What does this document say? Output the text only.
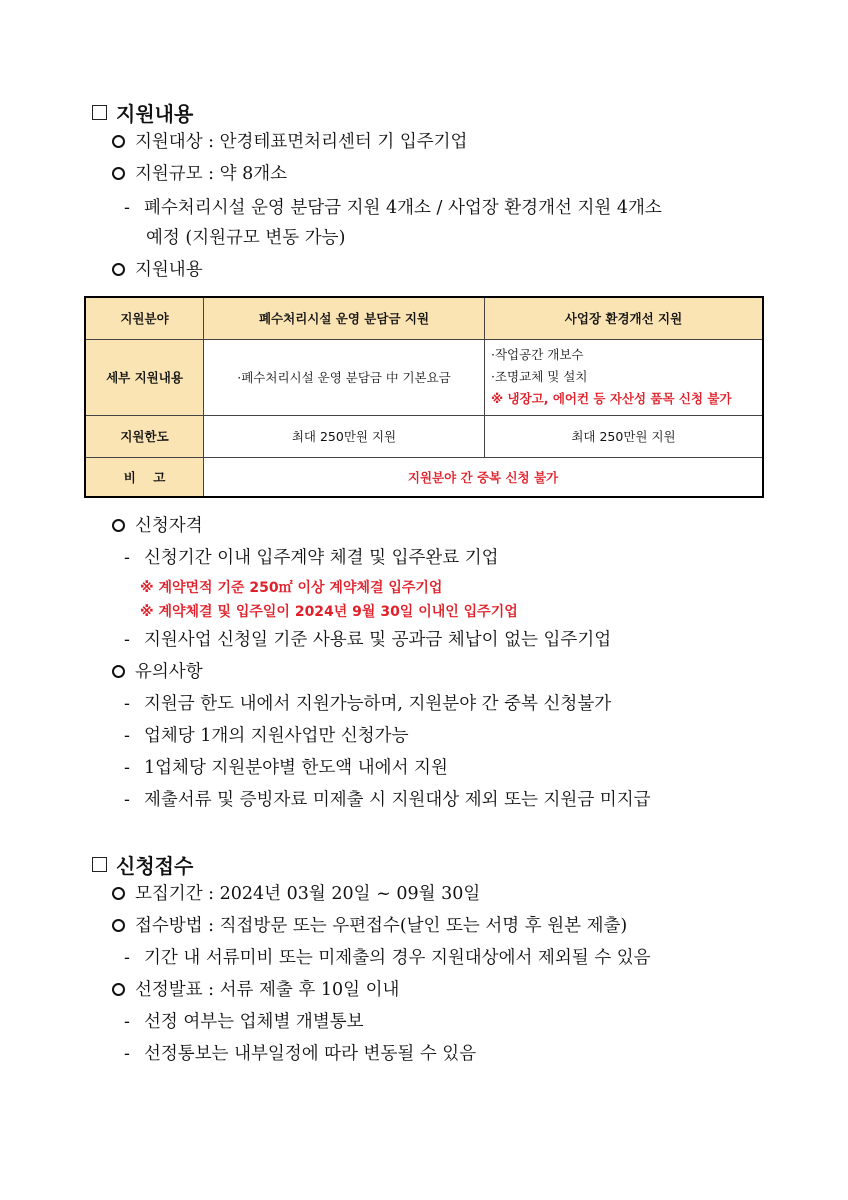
지원내용
지원대상 : 안경테표면처리센터 기 입주기업
지원규모 : 약 8개소
- 폐수처리시설 운영 분담금 지원 4개소 / 사업장 환경개선 지원 4개소
예정 (지원규모 변동 가능)
지원내용
지원분야	폐수처리시설 운영 분담금 지원	사업장 환경개선 지원
세부 지원내용	·폐수처리시설 운영 분담금 中 기본요금	·작업공간 개보수
·조명교체 및 설치
※ 냉장고, 에어컨 등 자산성 품목 신청 불가

지원한도	최대 250만원 지원	최대 250만원 지원
비    고	지원분야 간 중복 신청 불가	
신청자격
- 신청기간 이내 입주계약 체결 및 입주완료 기업
※ 계약면적 기준 250㎡ 이상 계약체결 입주기업
※ 계약체결 및 입주일이 2024년 9월 30일 이내인 입주기업
- 지원사업 신청일 기준 사용료 및 공과금 체납이 없는 입주기업
유의사항
- 지원금 한도 내에서 지원가능하며, 지원분야 간 중복 신청불가
- 업체당 1개의 지원사업만 신청가능
- 1업체당 지원분야별 한도액 내에서 지원
- 제출서류 및 증빙자료 미제출 시 지원대상 제외 또는 지원금 미지급
신청접수
모집기간 : 2024년 03월 20일 ~ 09월 30일
접수방법 : 직접방문 또는 우편접수(날인 또는 서명 후 원본 제출)
- 기간 내 서류미비 또는 미제출의 경우 지원대상에서 제외될 수 있음
선정발표 : 서류 제출 후 10일 이내
- 선정 여부는 업체별 개별통보
- 선정통보는 내부일정에 따라 변동될 수 있음
